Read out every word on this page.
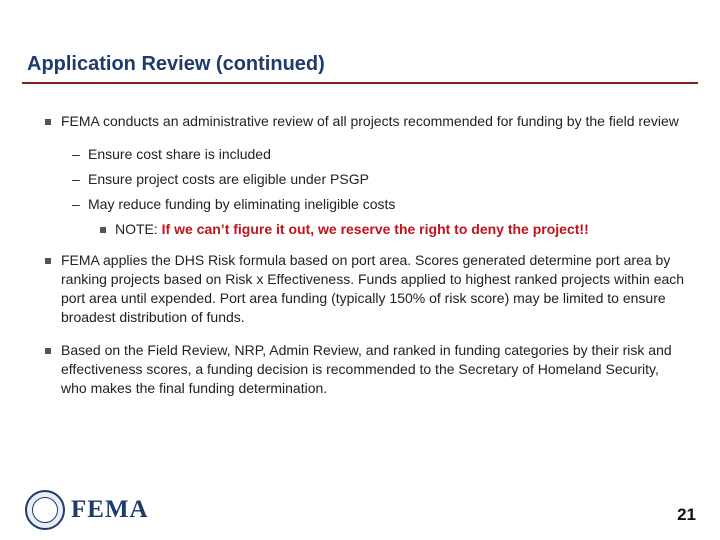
Application Review (continued)
FEMA conducts an administrative review of all projects recommended for funding by the field review
– Ensure cost share is included
– Ensure project costs are eligible under PSGP
– May reduce funding by eliminating ineligible costs
NOTE: If we can’t figure it out, we reserve the right to deny the project!!
FEMA applies the DHS Risk formula based on port area. Scores generated determine port area by ranking projects based on Risk x Effectiveness. Funds applied to highest ranked projects within each port area until expended. Port area funding (typically 150% of risk score) may be limited to ensure broadest distribution of funds.
Based on the Field Review, NRP, Admin Review, and ranked in funding categories by their risk and effectiveness scores, a funding decision is recommended to the Secretary of Homeland Security, who makes the final funding determination.
FEMA	21
